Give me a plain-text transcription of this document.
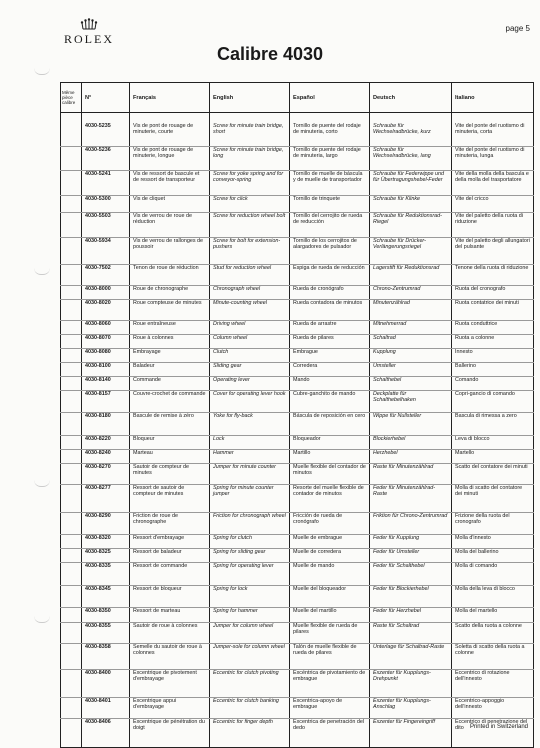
ROLEX
Calibre 4030
page 5
Même pièce calibre	N°	Français	English	Español	Deutsch	Italiano

	4030-5235	Vis de pont de rouage de minuterie, courte	Screw for minute train bridge, short	Tornillo de puente del rodaje de minuteria, corto	Schraube für Wechselradbrücke, kurz	Vite del ponte del ruotismo di minuteria, corta
	4030-5236	Vis de pont de rouage de minuterie, longue	Screw for minute train bridge, long	Tornillo de puente del rodaje de minuteria, largo	Schraube für Wechselradbrücke, lang	Vite del ponte del ruotismo di minuteria, lunga
	4030-5241	Vis de ressort de bascule et de ressort de transporteur	Screw for yoke spring and for conveyor-spring	Tornillo de muelle de báscula y de muelle de transportador	Schraube für Federwippe und für Übertragungshebel-Feder	Vite della molla della bascula e della molla del trasportatore
	4030-5300	Vis de cliquet	Screw for click	Tornillo de trinquete	Schraube für Klinke	Vite del cricco
	4030-5503	Vis de verrou de roue de réduction	Screw for reduction wheel bolt	Tornillo del cerrojito de rueda de reducción	Schraube für Reduktionsrad-Riegel	Vite del paletto della ruota di riduzione
	4030-5934	Vis de verrou de rallonges de poussoir	Screw for bolt for extension-pushers	Tornillo de los cerrojitos de alargadores de pulsador	Schraube für Drücker-Verlängerungsriegel	Vite del paletto degli allungatori del pulsante
	4030-7502	Tenon de roue de réduction	Stud for reduction wheel	Espiga de rueda de reducción	Lagerstift für Reduktionsrad	Tenone della ruota di riduzione
	4030-8000	Roue de chronographe	Chronograph wheel	Rueda de cronógrafo	Chrono-Zentrumrad	Ruota del cronografo
	4030-8020	Roue compteuse de minutes	Minute-counting wheel	Rueda contadora de minutos	Minutenzählrad	Ruota contatrice dei minuti
	4030-8060	Roue entraîneuse	Driving wheel	Rueda de arrastre	Mitnehmerrad	Ruota conduttrice
	4030-8070	Roue à colonnes	Column wheel	Rueda de pilares	Schaltrad	Ruota a colonne
	4030-8080	Embrayage	Clutch	Embrague	Kupplung	Innesto
	4030-8100	Baladeur	Sliding gear	Corredera	Umsteller	Ballerino
	4030-8140	Commande	Operating lever	Mando	Schalthebel	Comando
	4030-8157	Couvre-crochet de commande	Cover for operating lever hook	Cubre-ganchito de mando	Deckplatte für Schalthebelhaken	Copri-gancio di comando
	4030-8180	Bascule de remise à zéro	Yoke for fly-back	Báscula de reposición en cero	Wippe für Nullsteller	Bascula di rimessa a zero
	4030-8220	Bloqueur	Lock	Bloqueador	Blockierhebel	Leva di blocco
	4030-8240	Marteau	Hammer	Martillo	Herzhebel	Martello
	4030-8270	Sautoir de compteur de minutes	Jumper for minute counter	Muelle flexible del contador de minutos	Raste für Minutenzählrad	Scatto del contatore dei minuti
	4030-8277	Ressort de sautoir de compteur de minutes	Spring for minute counter jumper	Resorte del muelle flexible de contador de minutos	Feder für Minutenzählrad-Raste	Molla di scatto del contatore dei minuti
	4030-8290	Friction de roue de chronographe	Friction for chronograph wheel	Fricción de rueda de cronógrafo	Friktion für Chrono-Zentrumrad	Frizione della ruota del cronografo
	4030-8320	Ressort d'embrayage	Spring for clutch	Muelle de embrague	Feder für Kupplung	Molla d'innesto
	4030-8325	Ressort de baladeur	Spring for sliding gear	Muelle de corredera	Feder für Umsteller	Molla del ballerino
	4030-8335	Ressort de commande	Spring for operating lever	Muelle de mando	Feder für Schalthebel	Molla di comando
	4030-8345	Ressort de bloqueur	Spring for lock	Muelle del bloqueador	Feder für Blockierhebel	Molla della leva di blocco
	4030-8350	Ressort de marteau	Spring for hammer	Muelle del martillo	Feder für Herzhebel	Molla del martello
	4030-8355	Sautoir de roue à colonnes	Jumper for column wheel	Muelle flexible de rueda de pilares	Raste für Schaltrad	Scatto della ruota a colonne
	4030-8358	Semelle du sautoir de roue à colonnes	Jumper-sole for column wheel	Talón de muelle flexible de rueda de pilares	Unterlage für Schaltrad-Raste	Soletta di scatto della ruota a colonne
	4030-8400	Excentrique de pivotement d'embrayage	Eccentric for clutch pivoting	Excéntrica de pivotamiento de embrague	Exzenter für Kupplungs-Drehpunkt	Eccentrico di rotazione dell'innesto
	4030-8401	Excentrique appui d'embrayage	Eccentric for clutch banking	Excentrica-apoyo de embrague	Exzenter für Kupplungs-Anschlag	Eccentrico-appoggio dell'innesto
	4030-8406	Excentrique de pénétration du doigt	Eccentric for finger depth	Excentrica de penetración del dedo	Exzenter für Fingereingriff	Eccentrico di penetrazione del dito Printed in Switzerland
